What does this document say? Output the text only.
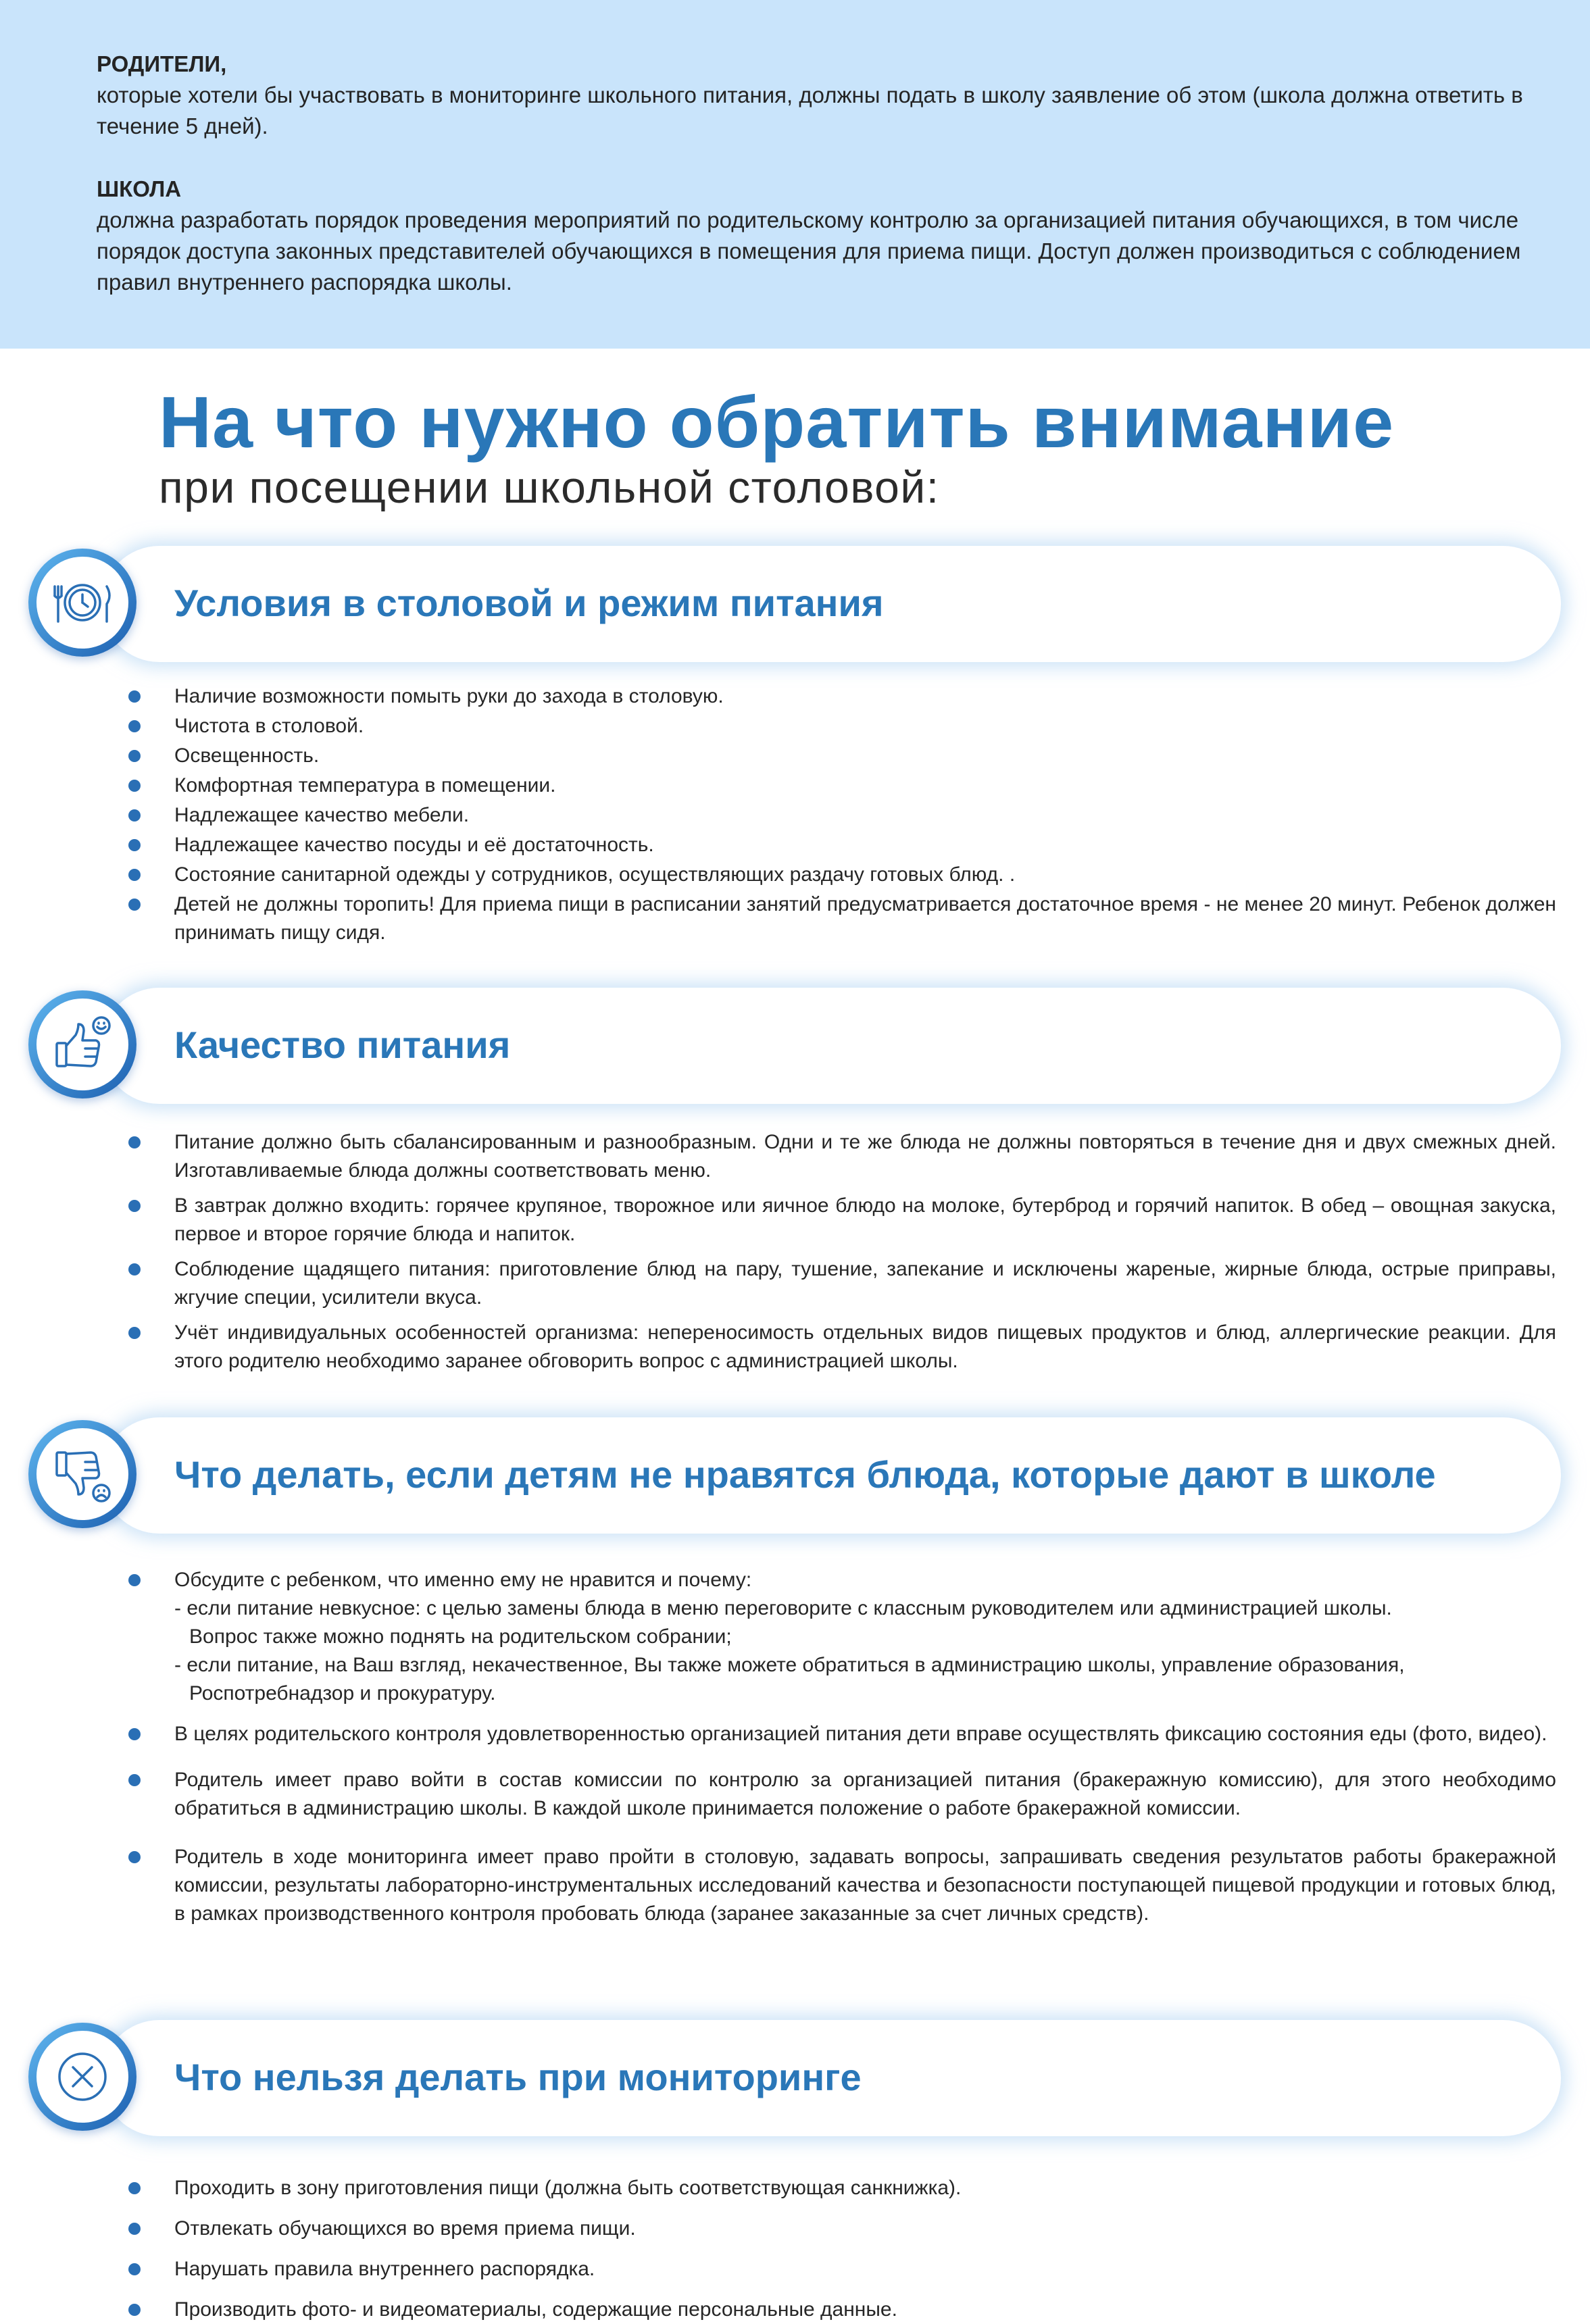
РОДИТЕЛИ,
которые хотели бы участвовать в мониторинге школьного питания, должны подать в школу заявление об этом (школа должна ответить в течение 5 дней).
ШКОЛА
должна разработать порядок проведения мероприятий по родительскому контролю за организацией питания обучающихся, в том числе порядок доступа законных представителей обучающихся в помещения для приема пищи. Доступ должен производиться с соблюдением правил внутреннего распорядка школы.
На что нужно обратить внимание
при посещении школьной столовой:
Условия в столовой и режим питания
Наличие возможности помыть руки до захода в столовую.
Чистота в столовой.
Освещенность.
Комфортная температура в помещении.
Надлежащее качество мебели.
Надлежащее качество посуды и её достаточность.
Состояние санитарной одежды у сотрудников, осуществляющих раздачу готовых блюд. .
Детей не должны торопить! Для приема пищи в расписании занятий предусматривается достаточное время - не менее 20 минут. Ребенок должен принимать пищу сидя.
Качество питания
Питание должно быть сбалансированным и разнообразным. Одни и те же блюда не должны повторяться в течение дня и двух смежных дней. Изготавливаемые блюда должны соответствовать меню.
В завтрак должно входить: горячее крупяное, творожное или яичное блюдо на молоке, бутерброд и горячий напиток. В обед – овощная закуска, первое и второе горячие блюда и напиток.
Соблюдение щадящего питания: приготовление блюд на пару, тушение, запекание и исключены жареные, жирные блюда, острые приправы, жгучие специи, усилители вкуса.
Учёт индивидуальных особенностей организма: непереносимость отдельных видов пищевых продуктов и блюд, аллергические реакции. Для этого родителю необходимо заранее обговорить вопрос с администрацией школы.
Что делать, если детям не нравятся блюда, которые дают в школе
Обсудите с ребенком, что именно ему не нравится и почему:
- если питание невкусное: с целью замены блюда в меню переговорите с классным руководителем или администрацией школы.
Вопрос также можно поднять на родительском собрании;
- если питание, на Ваш взгляд, некачественное, Вы также можете обратиться в администрацию школы, управление образования,
Роспотребнадзор и прокуратуру.
В целях родительского контроля удовлетворенностью организацией питания дети вправе осуществлять фиксацию состояния еды (фото, видео).
Родитель имеет право войти в состав комиссии по контролю за организацией питания (бракеражную комиссию), для этого необходимо обратиться в администрацию школы. В каждой школе принимается положение о работе бракеражной комиссии.
Родитель в ходе мониторинга имеет право пройти в столовую, задавать вопросы, запрашивать сведения результатов работы бракеражной комиссии, результаты лабораторно-инструментальных исследований качества и безопасности поступающей пищевой продукции и готовых блюд, в рамках производственного контроля пробовать блюда (заранее заказанные за счет личных средств).
Что нельзя делать при мониторинге
Проходить в зону приготовления пищи (должна быть соответствующая санкнижка).
Отвлекать обучающихся во время приема пищи.
Нарушать правила внутреннего распорядка.
Производить фото- и видеоматериалы, содержащие персональные данные.
